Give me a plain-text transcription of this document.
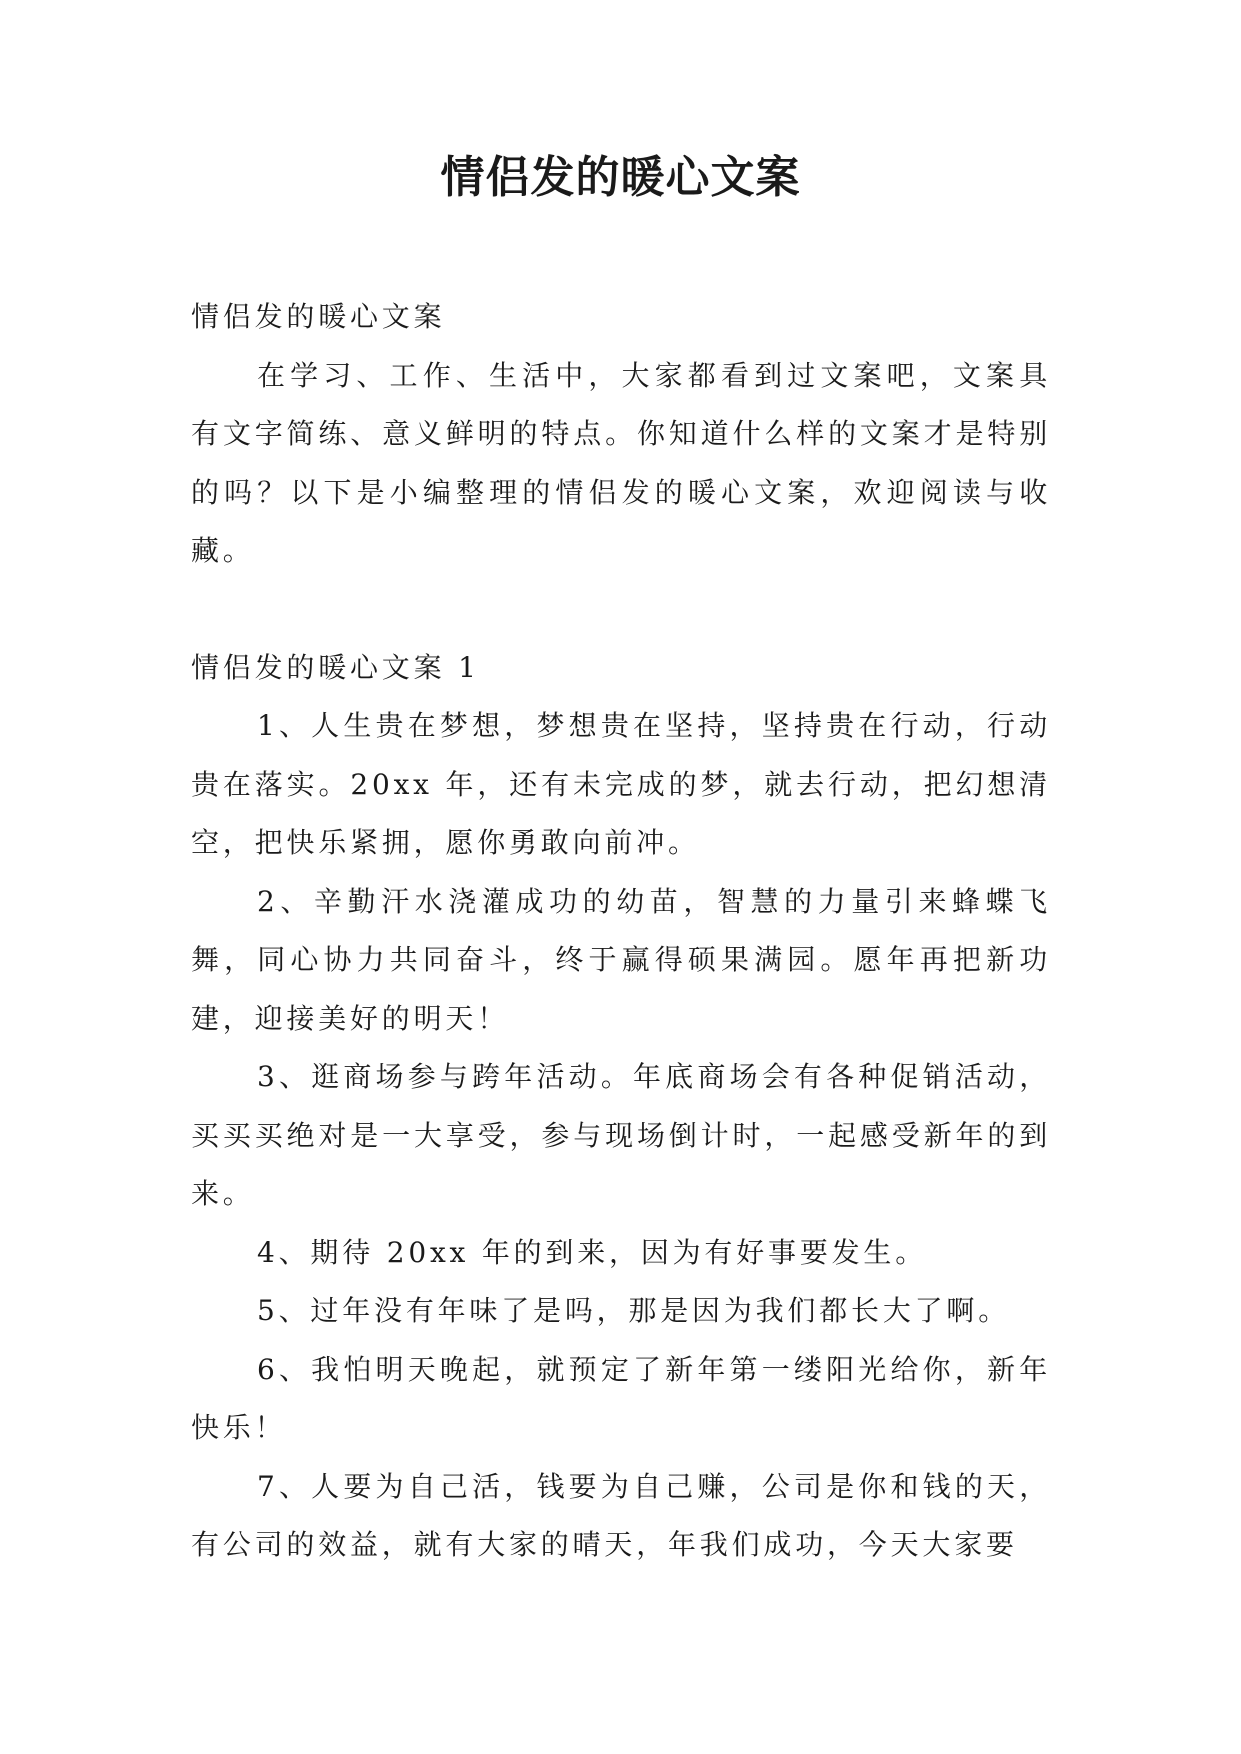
情侣发的暖心文案

情侣发的暖心文案

在学习、工作、生活中，大家都看到过文案吧，文案具有文字简练、意义鲜明的特点。你知道什么样的文案才是特别的吗？以下是小编整理的情侣发的暖心文案，欢迎阅读与收藏。

情侣发的暖心文案 1

1、人生贵在梦想，梦想贵在坚持，坚持贵在行动，行动贵在落实。20xx 年，还有未完成的梦，就去行动，把幻想清空，把快乐紧拥，愿你勇敢向前冲。

2、辛勤汗水浇灌成功的幼苗，智慧的力量引来蜂蝶飞舞，同心协力共同奋斗，终于赢得硕果满园。愿年再把新功建，迎接美好的明天！

3、逛商场参与跨年活动。年底商场会有各种促销活动，买买买绝对是一大享受，参与现场倒计时，一起感受新年的到来。

4、期待 20xx 年的到来，因为有好事要发生。

5、过年没有年味了是吗，那是因为我们都长大了啊。

6、我怕明天晚起，就预定了新年第一缕阳光给你，新年快乐！

7、人要为自己活，钱要为自己赚，公司是你和钱的天，有公司的效益，就有大家的晴天，年我们成功，今天大家要
